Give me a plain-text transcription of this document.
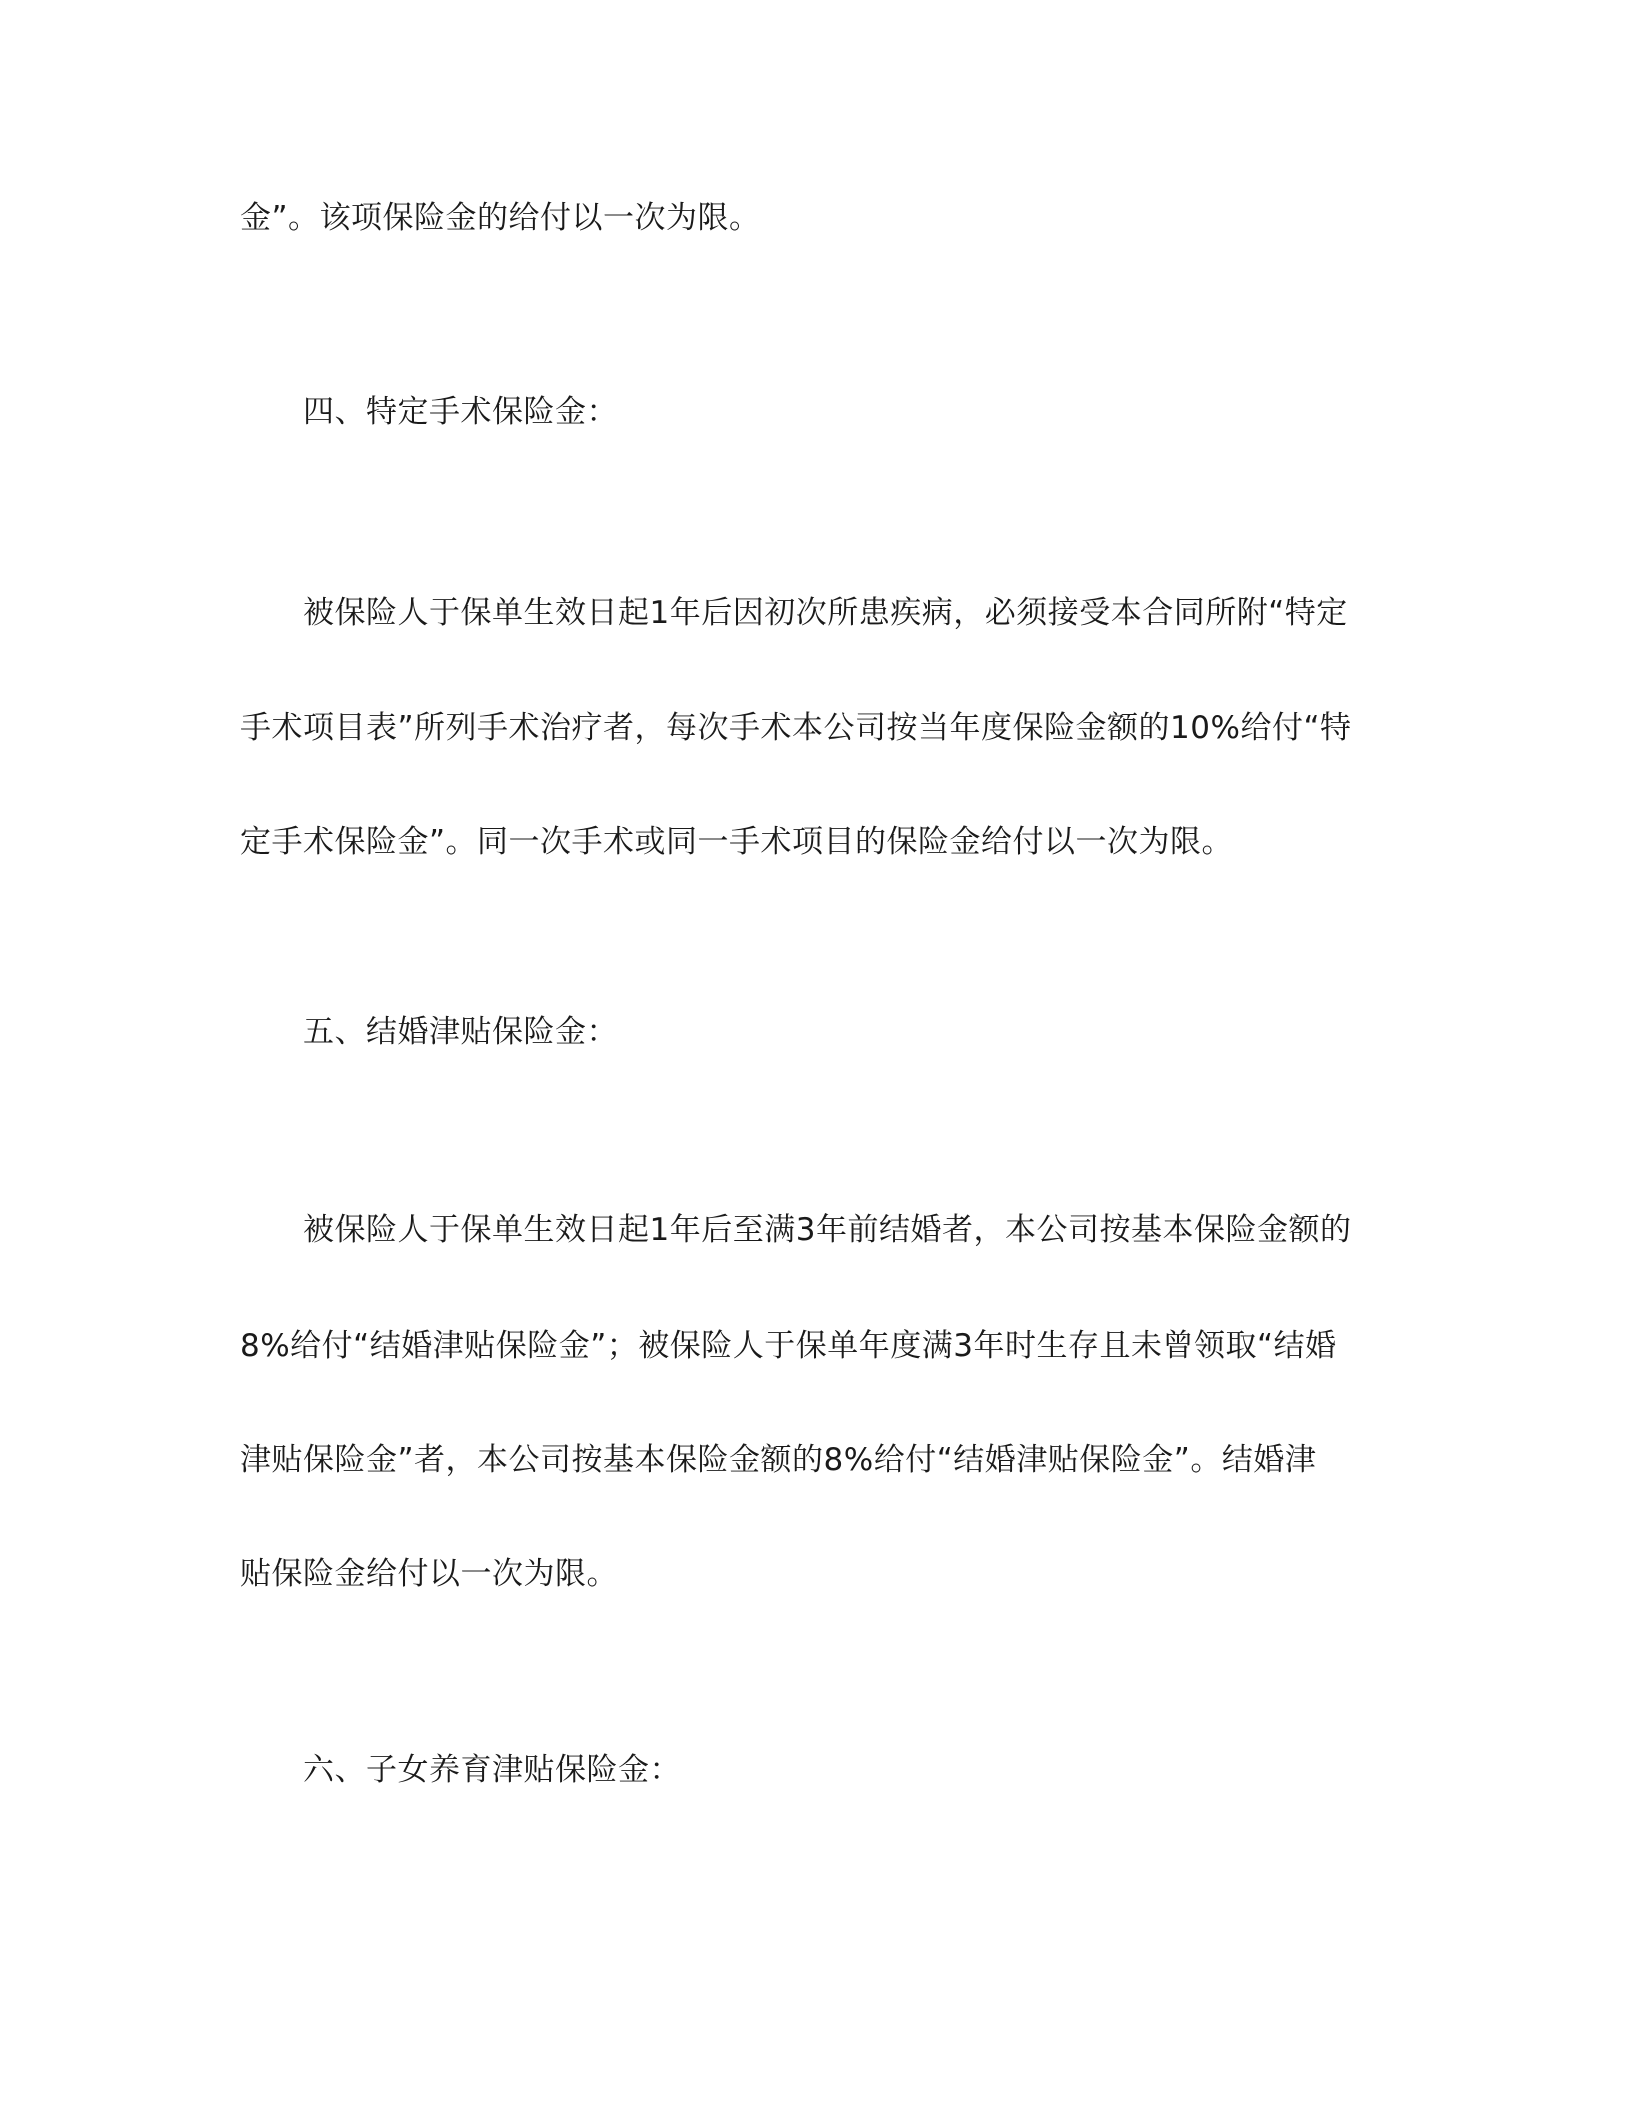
金”。该项保险金的给付以一次为限。
四、特定手术保险金：
被保险人于保单生效日起1年后因初次所患疾病，必须接受本合同所附“特定
手术项目表”所列手术治疗者，每次手术本公司按当年度保险金额的10%给付“特
定手术保险金”。同一次手术或同一手术项目的保险金给付以一次为限。
五、结婚津贴保险金：
被保险人于保单生效日起1年后至满3年前结婚者，本公司按基本保险金额的
8%给付“结婚津贴保险金”；被保险人于保单年度满3年时生存且未曾领取“结婚
津贴保险金”者，本公司按基本保险金额的8%给付“结婚津贴保险金”。结婚津
贴保险金给付以一次为限。
六、子女养育津贴保险金：
